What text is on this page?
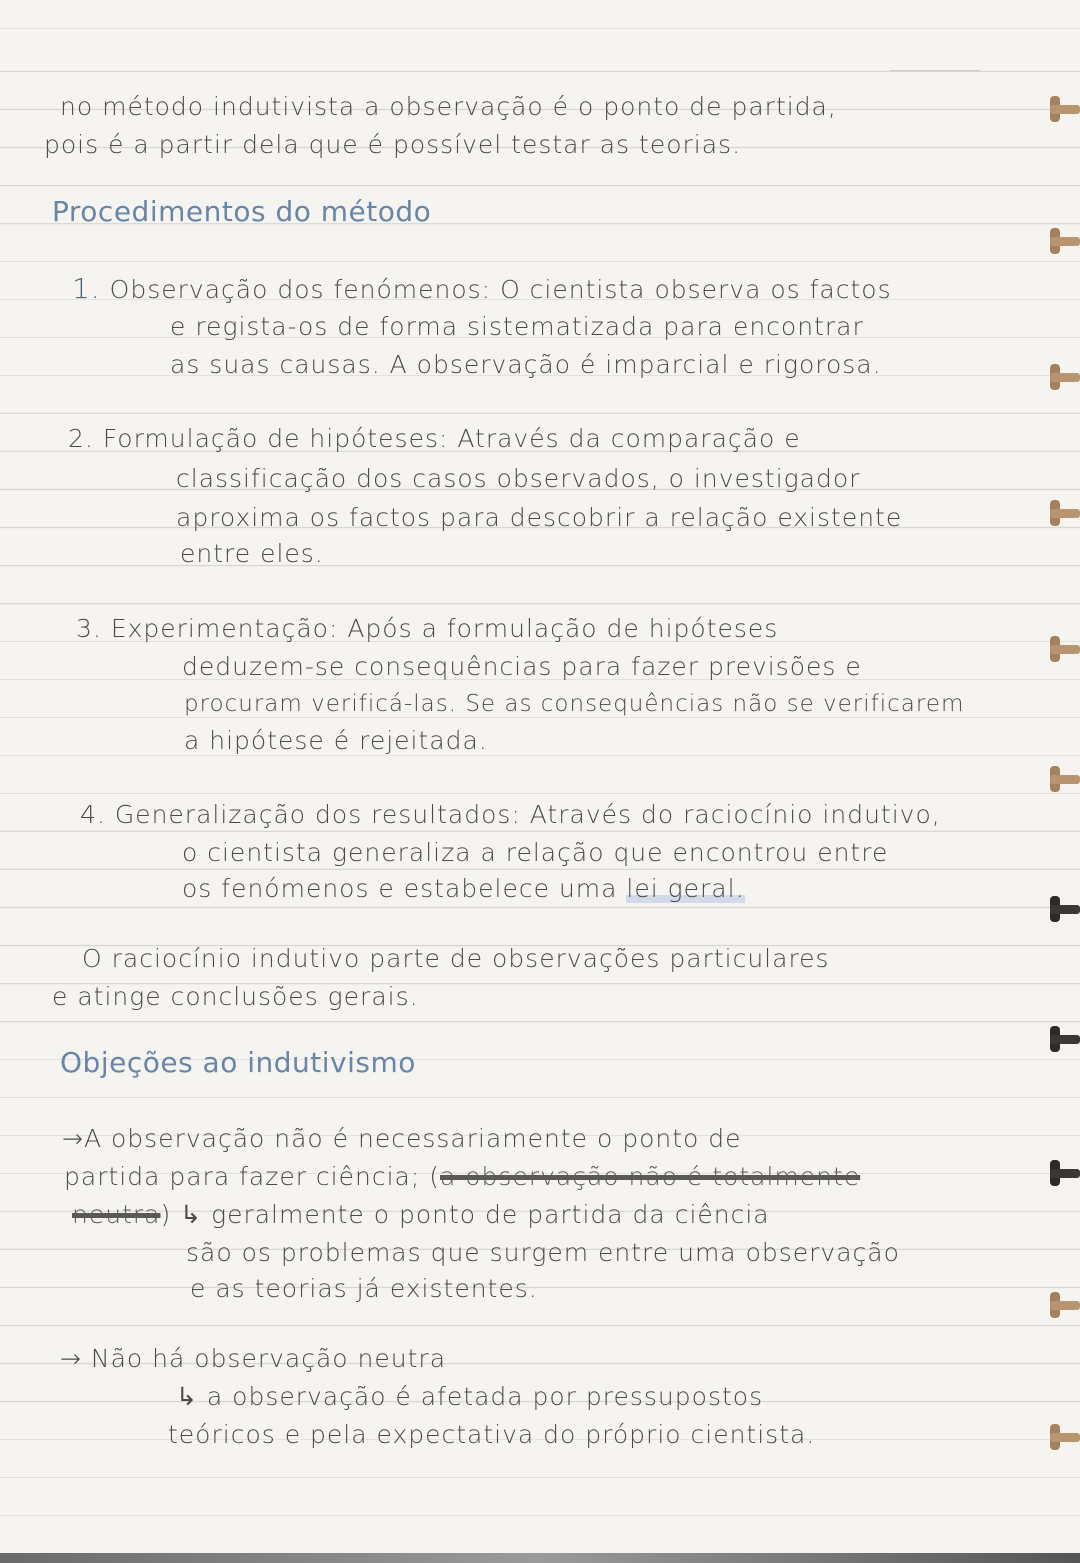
no método indutivista a observação é o ponto de partida,
pois é a partir dela que é possível testar as teorias.
Procedimentos do método
1. Observação dos fenómenos: O cientista observa os factos
e regista-os de forma sistematizada para encontrar
as suas causas. A observação é imparcial e rigorosa.
2. Formulação de hipóteses: Através da comparação e
classificação dos casos observados, o investigador
aproxima os factos para descobrir a relação existente
entre eles.
3. Experimentação: Após a formulação de hipóteses
deduzem-se consequências para fazer previsões e
procuram verificá-las. Se as consequências não se verificarem
a hipótese é rejeitada.
4. Generalização dos resultados: Através do raciocínio indutivo,
o cientista generaliza a relação que encontrou entre
os fenómenos e estabelece uma lei geral.
O raciocínio indutivo parte de observações particulares
e atinge conclusões gerais.
Objeções ao indutivismo
→A observação não é necessariamente o ponto de
partida para fazer ciência; (a observação não é totalmente
neutra) ↳ geralmente o ponto de partida da ciência
são os problemas que surgem entre uma observação
e as teorias já existentes.
→ Não há observação neutra
↳ a observação é afetada por pressupostos
teóricos e pela expectativa do próprio cientista.
